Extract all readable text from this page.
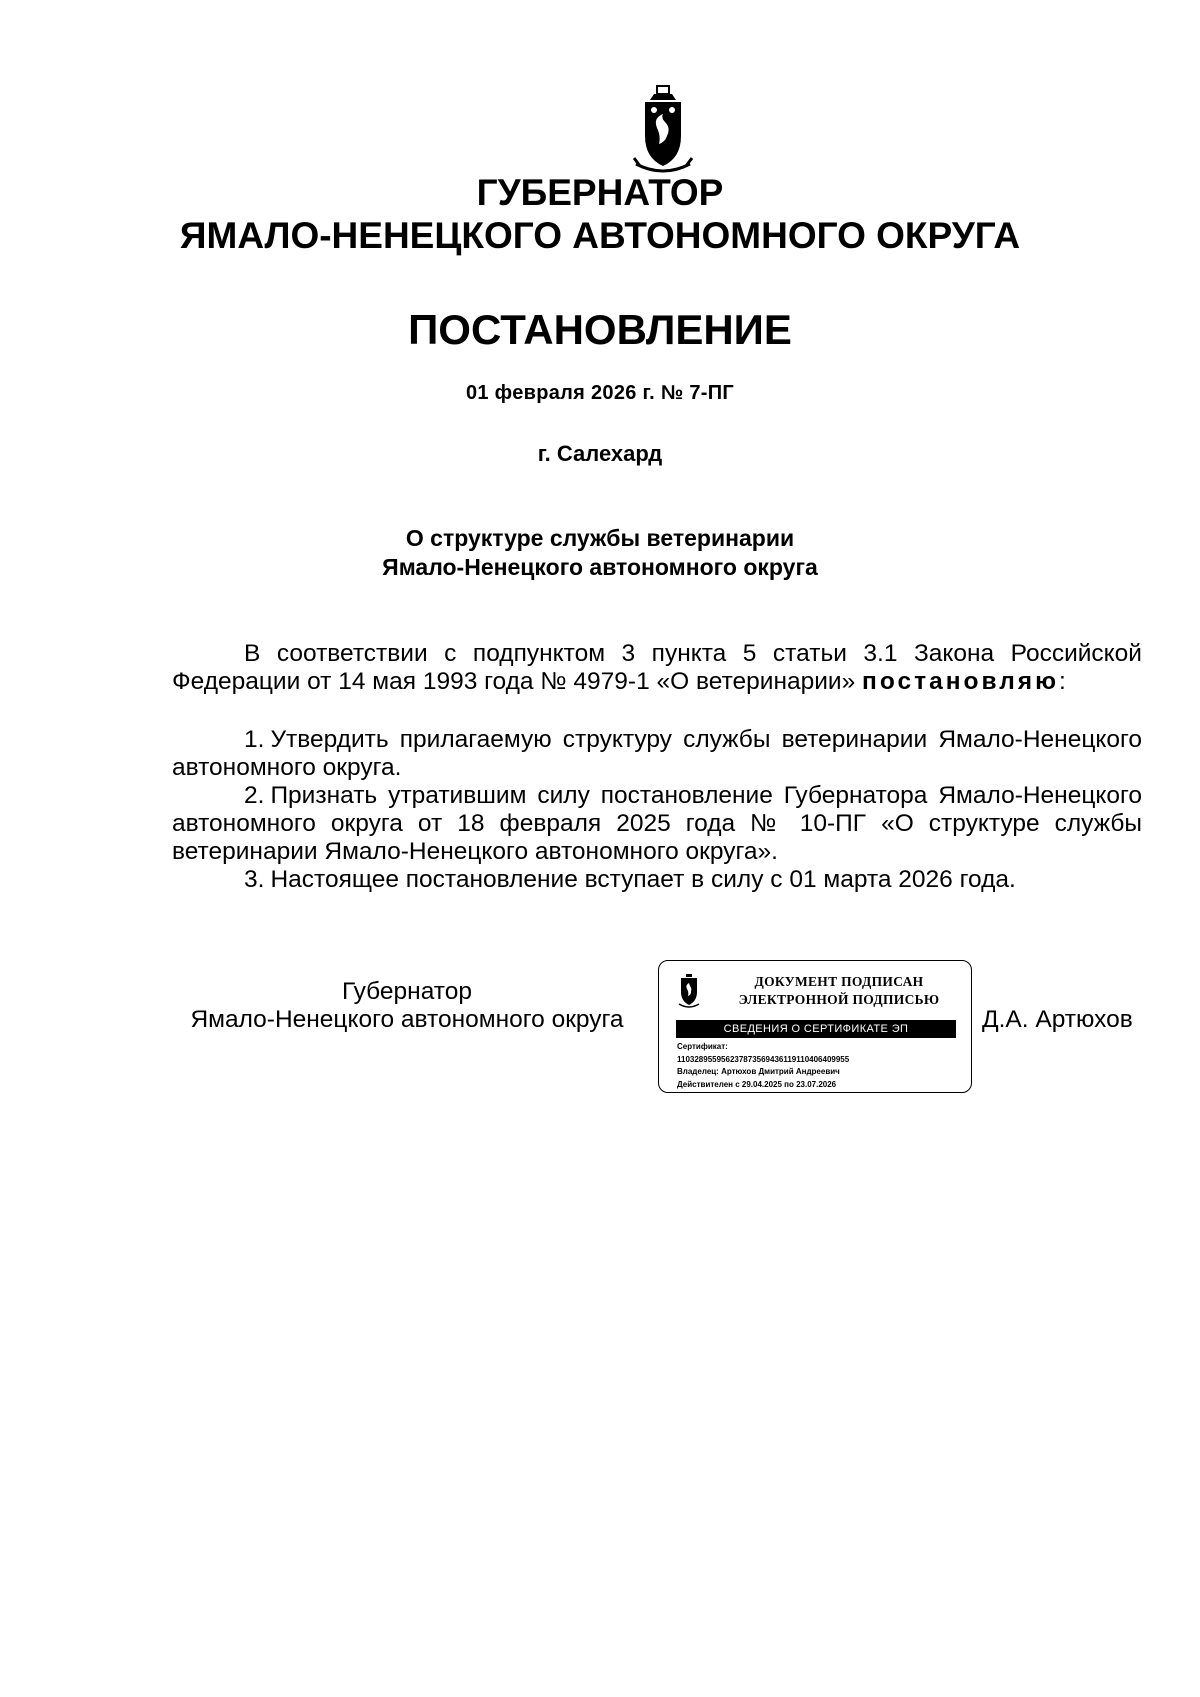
ГУБЕРНАТОР
ЯМАЛО-НЕНЕЦКОГО АВТОНОМНОГО ОКРУГА
ПОСТАНОВЛЕНИЕ
01 февраля 2026 г. № 7-ПГ
г. Салехард
О структуре службы ветеринарии
Ямало-Ненецкого автономного округа
В соответствии с подпунктом 3 пункта 5 статьи 3.1 Закона Российской Федерации от 14 мая 1993 года № 4979-1 «О ветеринарии» постановляю:
1. Утвердить прилагаемую структуру службы ветеринарии Ямало-Ненецкого автономного округа.
2. Признать утратившим силу постановление Губернатора Ямало-Ненецкого автономного округа от 18 февраля 2025 года № 10-ПГ «О структуре службы ветеринарии Ямало-Ненецкого автономного округа».
3. Настоящее постановление вступает в силу с 01 марта 2026 года.
Губернатор
Ямало-Ненецкого автономного округа
ДОКУМЕНТ ПОДПИСАН
ЭЛЕКТРОННОЙ ПОДПИСЬЮ
СВЕДЕНИЯ О СЕРТИФИКАТЕ ЭП
Сертификат:
110328955956237873569436119110406409955
Владелец: Артюхов Дмитрий Андреевич
Действителен с 29.04.2025 по 23.07.2026
Д.А. Артюхов
